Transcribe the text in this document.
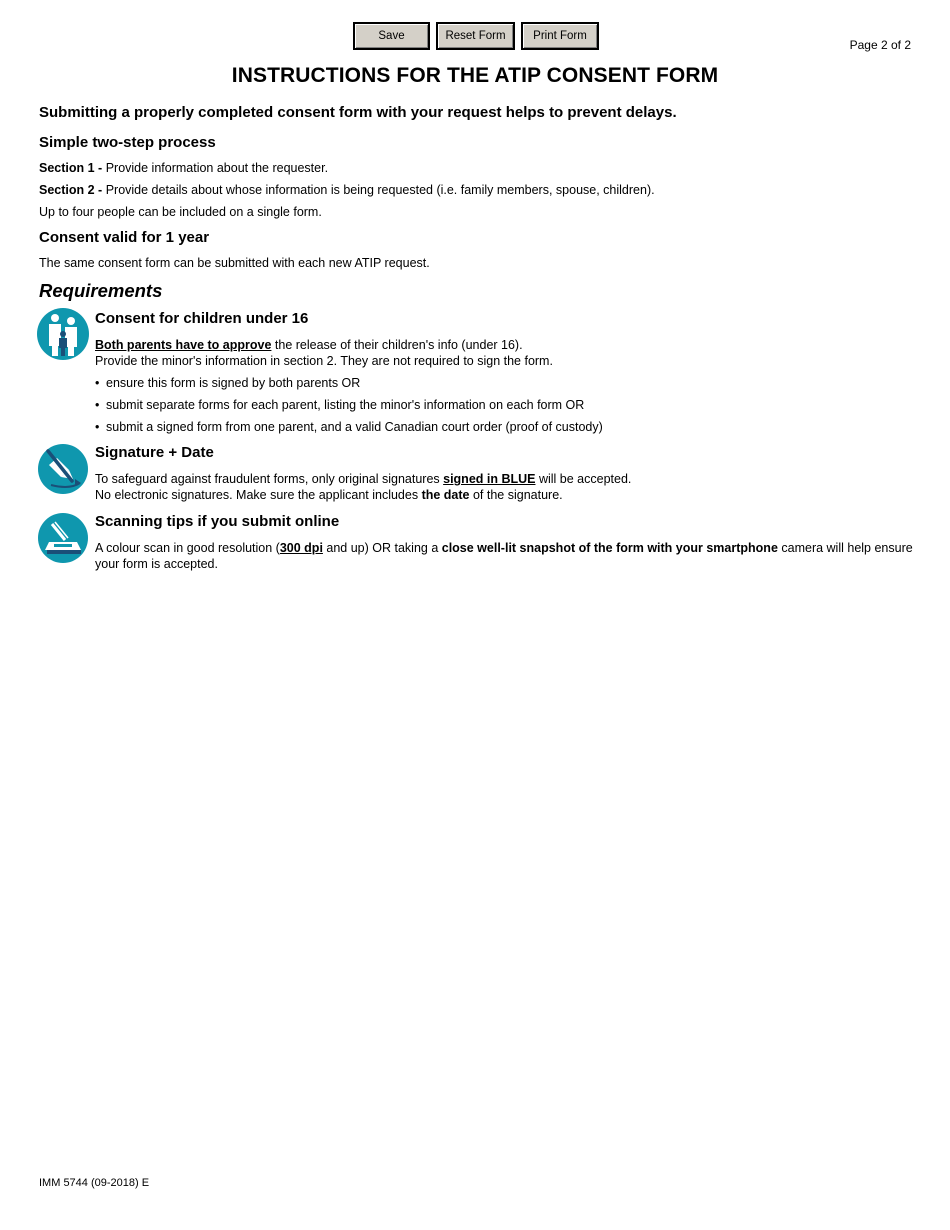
Save	Reset Form	Print Form
Page 2 of 2
INSTRUCTIONS FOR THE ATIP CONSENT FORM

Submitting a properly completed consent form with your request helps to prevent delays.

Simple two-step process

Section 1 - Provide information about the requester.

Section 2 - Provide details about whose information is being requested (i.e. family members, spouse, children).

Up to four people can be included on a single form.

Consent valid for 1 year

The same consent form can be submitted with each new ATIP request.

Requirements
Consent for children under 16

Both parents have to approve the release of their children's info (under 16).

Provide the minor's information in section 2. They are not required to sign the form.

• ensure this form is signed by both parents OR
• submit separate forms for each parent, listing the minor's information on each form OR
• submit a signed form from one parent, and a valid Canadian court order (proof of custody)
Signature + Date

To safeguard against fraudulent forms, only original signatures signed in BLUE will be accepted.

No electronic signatures. Make sure the applicant includes the date of the signature.

Scanning tips if you submit online

A colour scan in good resolution (300 dpi and up) OR taking a close well-lit snapshot of the form with your smartphone camera will help ensure your form is accepted.

IMM 5744 (09-2018) E
